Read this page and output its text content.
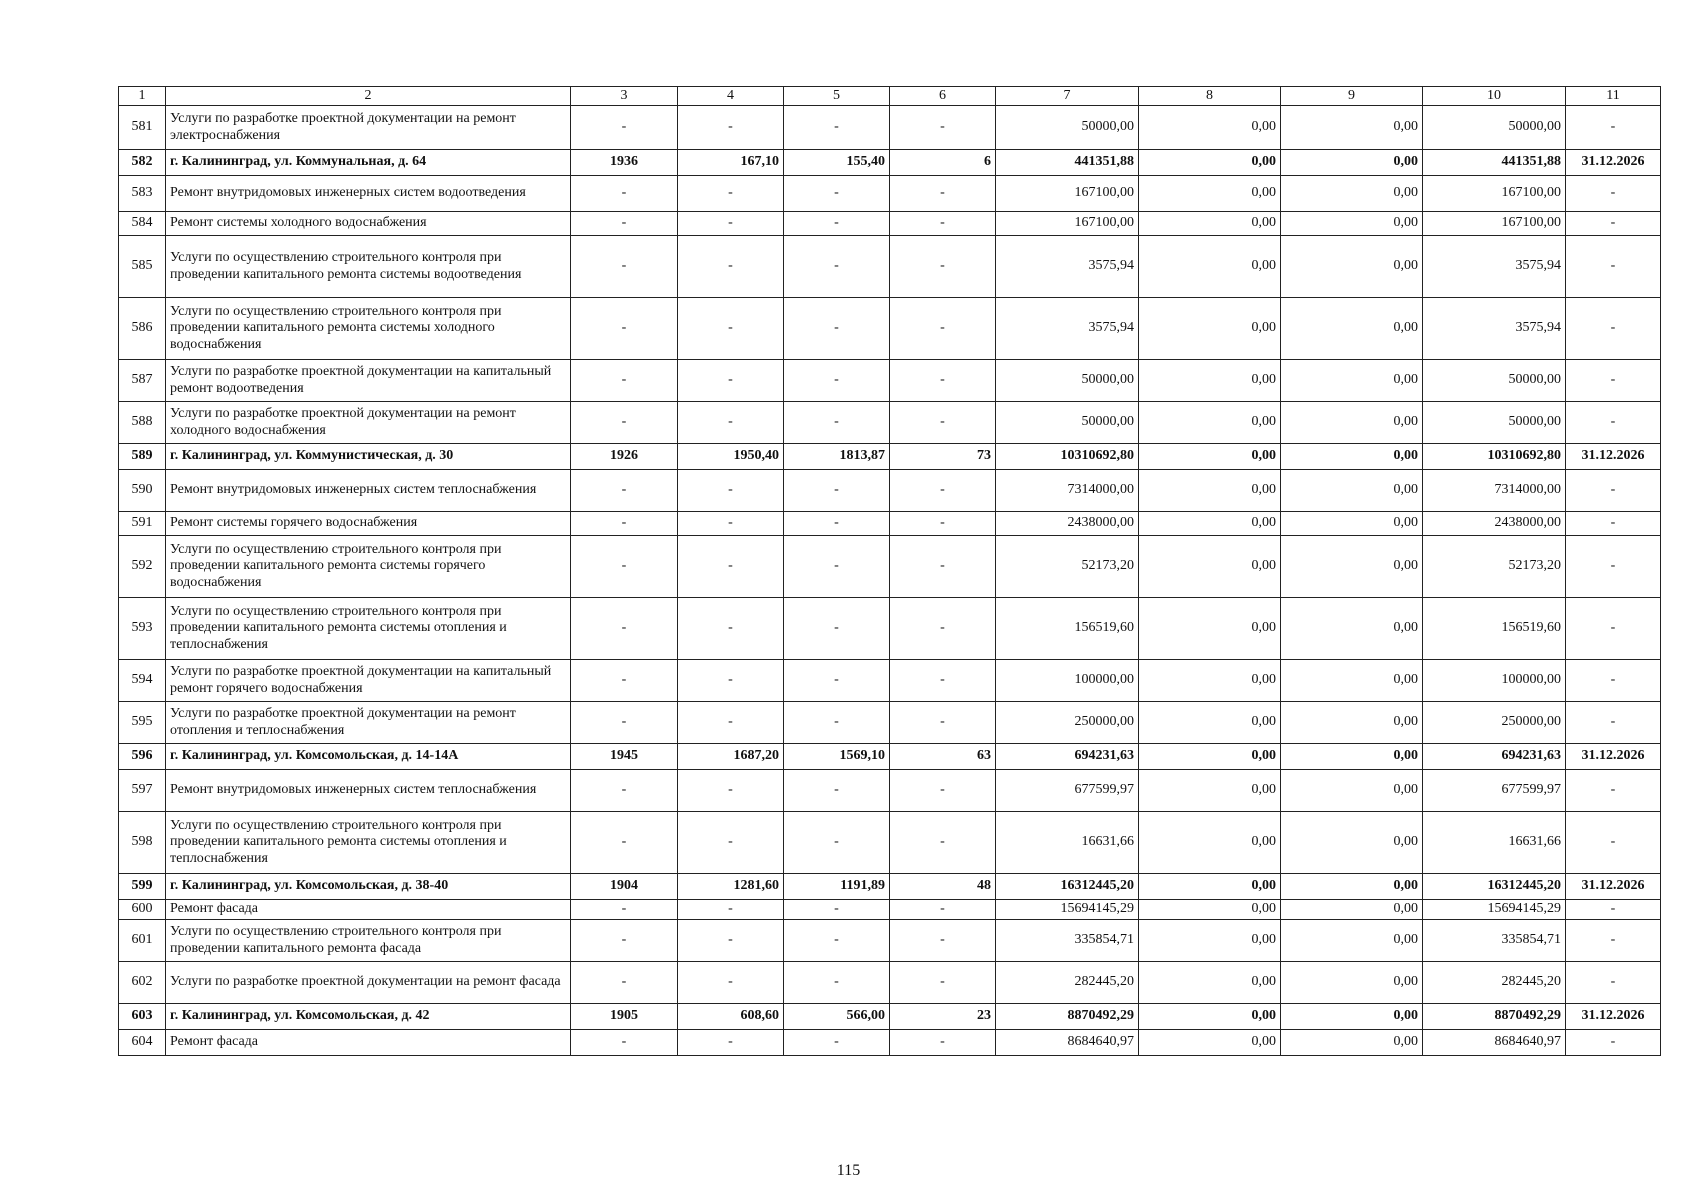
1	2	3	4	5	6	7	8	9	10	11
581	Услуги по разработке проектной документации на ремонт электроснабжения	-	-	-	-	50000,00	0,00	0,00	50000,00	-
582	г. Калининград, ул. Коммунальная, д. 64	1936	167,10	155,40	6	441351,88	0,00	0,00	441351,88	31.12.2026
583	Ремонт внутридомовых инженерных систем водоотведения	-	-	-	-	167100,00	0,00	0,00	167100,00	-
584	Ремонт системы холодного водоснабжения	-	-	-	-	167100,00	0,00	0,00	167100,00	-
585	Услуги по осуществлению строительного контроля при проведении капитального ремонта системы водоотведения	-	-	-	-	3575,94	0,00	0,00	3575,94	-
586	Услуги по осуществлению строительного контроля при проведении капитального ремонта системы холодного водоснабжения	-	-	-	-	3575,94	0,00	0,00	3575,94	-
587	Услуги по разработке проектной документации на капитальный ремонт водоотведения	-	-	-	-	50000,00	0,00	0,00	50000,00	-
588	Услуги по разработке проектной документации на ремонт холодного водоснабжения	-	-	-	-	50000,00	0,00	0,00	50000,00	-
589	г. Калининград, ул. Коммунистическая, д. 30	1926	1950,40	1813,87	73	10310692,80	0,00	0,00	10310692,80	31.12.2026
590	Ремонт внутридомовых инженерных систем теплоснабжения	-	-	-	-	7314000,00	0,00	0,00	7314000,00	-
591	Ремонт системы горячего водоснабжения	-	-	-	-	2438000,00	0,00	0,00	2438000,00	-
592	Услуги по осуществлению строительного контроля при проведении капитального ремонта системы горячего водоснабжения	-	-	-	-	52173,20	0,00	0,00	52173,20	-
593	Услуги по осуществлению строительного контроля при проведении капитального ремонта системы отопления и теплоснабжения	-	-	-	-	156519,60	0,00	0,00	156519,60	-
594	Услуги по разработке проектной документации на капитальный ремонт горячего водоснабжения	-	-	-	-	100000,00	0,00	0,00	100000,00	-
595	Услуги по разработке проектной документации на ремонт отопления и теплоснабжения	-	-	-	-	250000,00	0,00	0,00	250000,00	-
596	г. Калининград, ул. Комсомольская, д. 14-14А	1945	1687,20	1569,10	63	694231,63	0,00	0,00	694231,63	31.12.2026
597	Ремонт внутридомовых инженерных систем теплоснабжения	-	-	-	-	677599,97	0,00	0,00	677599,97	-
598	Услуги по осуществлению строительного контроля при проведении капитального ремонта системы отопления и теплоснабжения	-	-	-	-	16631,66	0,00	0,00	16631,66	-
599	г. Калининград, ул. Комсомольская, д. 38-40	1904	1281,60	1191,89	48	16312445,20	0,00	0,00	16312445,20	31.12.2026
600	Ремонт фасада	-	-	-	-	15694145,29	0,00	0,00	15694145,29	-
601	Услуги по осуществлению строительного контроля при проведении капитального ремонта фасада	-	-	-	-	335854,71	0,00	0,00	335854,71	-
602	Услуги по разработке проектной документации на ремонт фасада	-	-	-	-	282445,20	0,00	0,00	282445,20	-
603	г. Калининград, ул. Комсомольская, д. 42	1905	608,60	566,00	23	8870492,29	0,00	0,00	8870492,29	31.12.2026
604	Ремонт фасада	-	-	-	-	8684640,97	0,00	0,00	8684640,97	-
115
